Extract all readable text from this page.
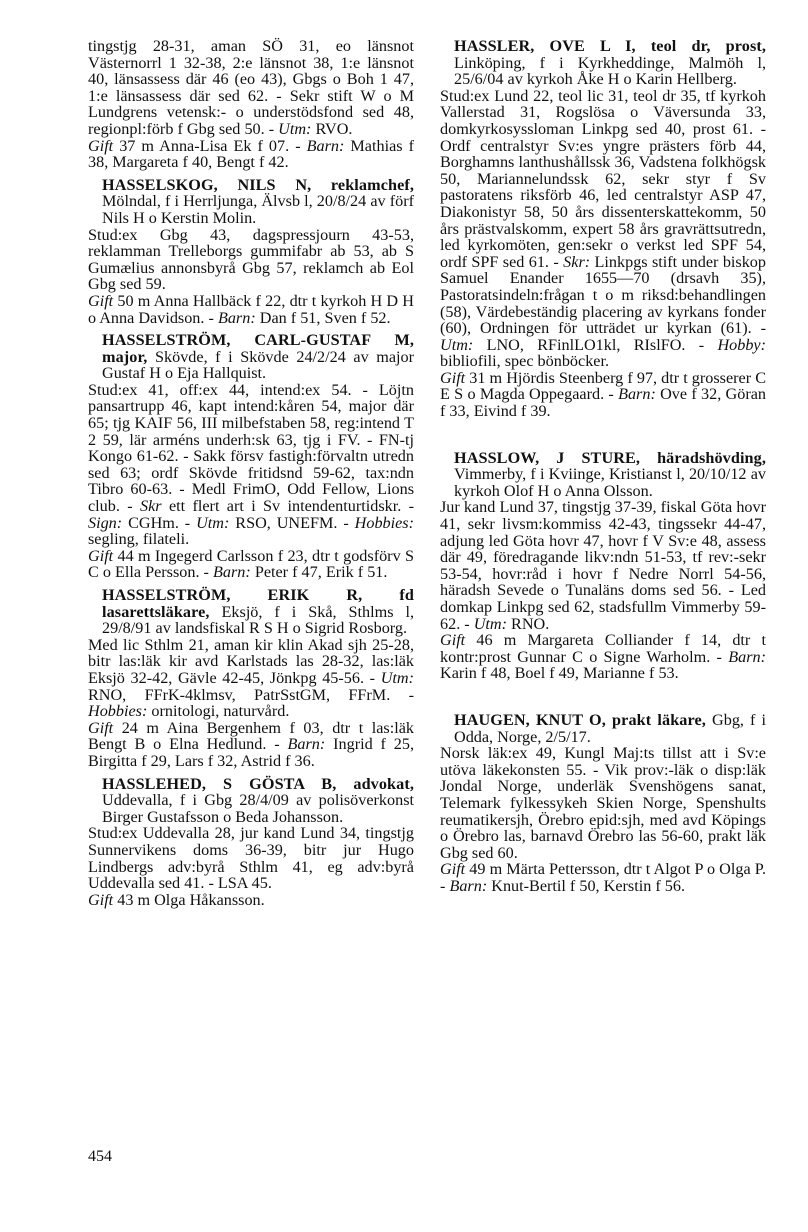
tingstjg 28-31, aman SÖ 31, eo länsnot Västernorrl 1 32-38, 2:e länsnot 38, 1:e länsnot 40, länsassess där 46 (eo 43), Gbgs o Boh 1 47, 1:e länsassess där sed 62. - Sekr stift W o M Lundgrens vetensk:- o understödsfond sed 48, regionpl:förb f Gbg sed 50. - Utm: RVO.

Gift 37 m Anna-Lisa Ek f 07. - Barn: Mathias f 38, Margareta f 40, Bengt f 42.

HASSELSKOG, NILS N, reklamchef, Mölndal, f i Herrljunga, Älvsb l, 20/8/24 av förf Nils H o Kerstin Molin.

Stud:ex Gbg 43, dagspressjourn 43-53, reklamman Trelleborgs gummifabr ab 53, ab S Gumælius annonsbyrå Gbg 57, reklamch ab Eol Gbg sed 59.

Gift 50 m Anna Hallbäck f 22, dtr t kyrkoh H D H o Anna Davidson. - Barn: Dan f 51, Sven f 52.

HASSELSTRÖM, CARL-GUSTAF M, major, Skövde, f i Skövde 24/2/24 av major Gustaf H o Eja Hallquist.

Stud:ex 41, off:ex 44, intend:ex 54. - Löjtn pansartrupp 46, kapt intend:kåren 54, major där 65; tjg KAIF 56, III milbefstaben 58, reg:intend T 2 59, lär arméns underh:sk 63, tjg i FV. - FN-tj Kongo 61-62. - Sakk försv fastigh:förvaltn utredn sed 63; ordf Skövde fritidsnd 59-62, tax:ndn Tibro 60-63. - Medl FrimO, Odd Fellow, Lions club. - Skr ett flert art i Sv intendenturtidskr. - Sign: CGHm. - Utm: RSO, UNEFM. - Hobbies: segling, filateli.

Gift 44 m Ingegerd Carlsson f 23, dtr t godsförv S C o Ella Persson. - Barn: Peter f 47, Erik f 51.

HASSELSTRÖM, ERIK R, fd lasarettsläkare, Eksjö, f i Skå, Sthlms l, 29/8/91 av landsfiskal R S H o Sigrid Rosborg.

Med lic Sthlm 21, aman kir klin Akad sjh 25-28, bitr las:läk kir avd Karlstads las 28-32, las:läk Eksjö 32-42, Gävle 42-45, Jönkpg 45-56. - Utm: RNO, FFrK-4klmsv, PatrSstGM, FFrM. - Hobbies: ornitologi, naturvård.

Gift 24 m Aina Bergenhem f 03, dtr t las:läk Bengt B o Elna Hedlund. - Barn: Ingrid f 25, Birgitta f 29, Lars f 32, Astrid f 36.

HASSLEHED, S GÖSTA B, advokat, Uddevalla, f i Gbg 28/4/09 av polisöverkonst Birger Gustafsson o Beda Johansson.

Stud:ex Uddevalla 28, jur kand Lund 34, tingstjg Sunnervikens doms 36-39, bitr jur Hugo Lindbergs adv:byrå Sthlm 41, eg adv:byrå Uddevalla sed 41. - LSA 45.

Gift 43 m Olga Håkansson.

HASSLER, OVE L I, teol dr, prost, Linköping, f i Kyrkheddinge, Malmöh l, 25/6/04 av kyrkoh Åke H o Karin Hellberg.

Stud:ex Lund 22, teol lic 31, teol dr 35, tf kyrkoh Vallerstad 31, Rogslösa o Väversunda 33, domkyrkosysslоman Linkpg sed 40, prost 61. - Ordf centralstyr Sv:es yngre prästers förb 44, Borghamns lanthushållssk 36, Vadstena folkhögsk 50, Mariannelundssk 62, sekr styr f Sv pastoratens riksförb 46, led centralstyr ASP 47, Diakonistyr 58, 50 års dissenterskattekomm, 50 års prästvalskomm, expert 58 års gravrättsutredn, led kyrkomöten, gen:sekr o verkst led SPF 54, ordf SPF sed 61. - Skr: Linkpgs stift under biskop Samuel Enander 1655—70 (drsavh 35), Pastoratsindeln:frågan t o m riksd:behandlingen (58), Värdebeständig placering av kyrkans fonder (60), Ordningen för utträdet ur kyrkan (61). - Utm: LNO, RFinlLO1kl, RIslFO. - Hobby: bibliofili, spec bönböcker.

Gift 31 m Hjördis Steenberg f 97, dtr t grosserer C E S o Magda Oppegaard. - Barn: Ove f 32, Göran f 33, Eivind f 39.

HASSLOW, J STURE, häradshövding, Vimmerby, f i Kviinge, Kristianst l, 20/10/12 av kyrkoh Olof H o Anna Olsson.

Jur kand Lund 37, tingstjg 37-39, fiskal Göta hovr 41, sekr livsm:kommiss 42-43, tingssekr 44-47, adjung led Göta hovr 47, hovr f V Sv:e 48, assess där 49, föredragande likv:ndn 51-53, tf rev:-sekr 53-54, hovr:råd i hovr f Nedre Norrl 54-56, häradsh Sevede o Tunaläns doms sed 56. - Led domkap Linkpg sed 62, stadsfullm Vimmerby 59-62. - Utm: RNO.

Gift 46 m Margareta Colliander f 14, dtr t kontr:prost Gunnar C o Signe Warholm. - Barn: Karin f 48, Boel f 49, Marianne f 53.

HAUGEN, KNUT O, prakt läkare, Gbg, f i Odda, Norge, 2/5/17.

Norsk läk:ex 49, Kungl Maj:ts tillst att i Sv:e utöva läkekonsten 55. - Vik prov:-läk o disp:läk Jondal Norge, underläk Svenshögens sanat, Telemark fylkessykeh Skien Norge, Spenshults reumatikersjh, Örebro epid:sjh, med avd Köpings o Örebro las, barnavd Örebro las 56-60, prakt läk Gbg sed 60.

Gift 49 m Märta Pettersson, dtr t Algot P o Olga P. - Barn: Knut-Bertil f 50, Kerstin f 56.

454
